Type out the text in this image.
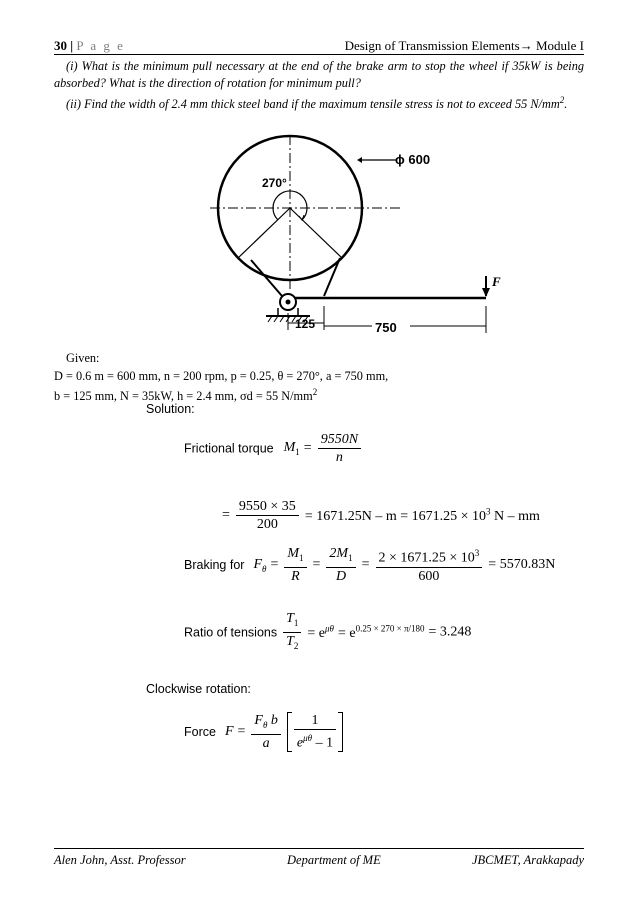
30 | P a g e	Design of Transmission Elements→ Module I
(i) What is the minimum pull necessary at the end of the brake arm to stop the wheel if 35kW is being absorbed? What is the direction of rotation for minimum pull?
(ii) Find the width of 2.4 mm thick steel band if the maximum tensile stress is not to exceed 55 $N/mm^2$.
270°
ϕ 600
F
125	750
Given:
D = 0.6 m = 600 mm, n = 200 rpm, p = 0.25, θ = 270°, a = 750 mm,
b = 125 mm, N = 35kW, h = 2.4 mm, σd = 55 $N/mm^2$
Solution:
Frictional torque $M_1 = \frac{9550N}{n}$
= $\frac{9550 \times 35}{200} = 1671.25N - m = 1671.25 \times 10^3$ N – mm
Braking for $F_\theta = \frac{M_1}{R} = \frac{2M_1}{D} = \frac{2 \times 1671.25 \times 10^3}{600} = 5570.83N$
Ratio of tensions $\frac{T_1}{T_2} = e^{\mu\theta} = e^{0.25 \times 270 \times \pi/180} = 3.248$
Clockwise rotation:
Force $F = \frac{F_\theta b}{a}$
$\frac{1}{e^{\mu\theta} - 1}$
Alen John, Asst. Professor	Department of ME	JBCMET, Arakkapady
